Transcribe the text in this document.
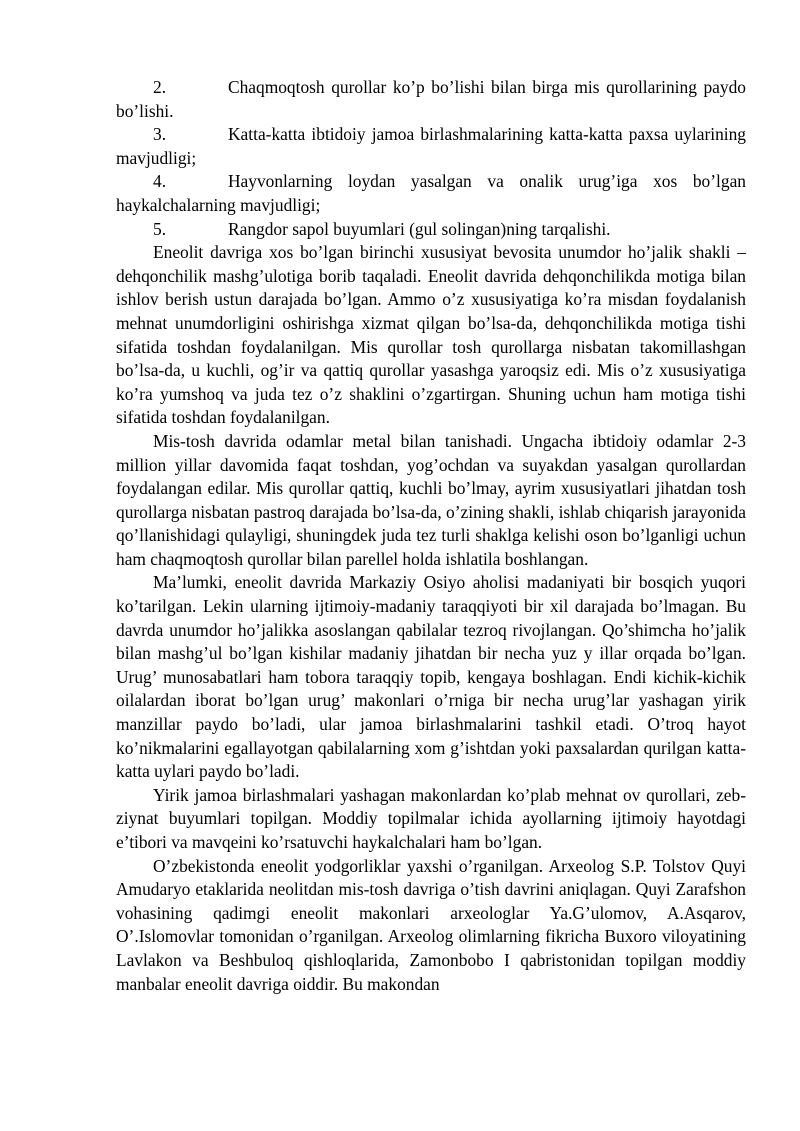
2.	Chaqmoqtosh qurollar ko’p bo’lishi bilan birga mis qurollarining paydo bo’lishi.

3.	Katta-katta ibtidoiy jamoa birlashmalarining katta-katta paxsa uylarining mavjudligi;

4.	Hayvonlarning loydan yasalgan va onalik urug’iga xos bo’lgan haykalchalarning mavjudligi;

5.	Rangdor sapol buyumlari (gul solingan)ning tarqalishi.

Eneolit davriga xos bo’lgan birinchi xususiyat bevosita unumdor ho’jalik shakli – dehqonchilik mashg’ulotiga borib taqaladi. Eneolit davrida dehqonchilikda motiga bilan ishlov berish ustun darajada bo’lgan. Ammo o’z xususiyatiga ko’ra misdan foydalanish mehnat unumdorligini oshirishga xizmat qilgan bo’lsa-da, dehqonchilikda motiga tishi sifatida toshdan foydalanilgan. Mis qurollar tosh qurollarga nisbatan takomillashgan bo’lsa-da, u kuchli, og’ir va qattiq qurollar yasashga yaroqsiz edi. Mis o’z xususiyatiga ko’ra yumshoq va juda tez o’z shaklini o’zgartirgan. Shuning uchun ham motiga tishi sifatida toshdan foydalanilgan.

Mis-tosh davrida odamlar metal bilan tanishadi. Ungacha ibtidoiy odamlar 2-3 million yillar davomida faqat toshdan, yog’ochdan va suyakdan yasalgan qurollardan foydalangan edilar. Mis qurollar qattiq, kuchli bo’lmay, ayrim xususiyatlari jihatdan tosh qurollarga nisbatan pastroq darajada bo’lsa-da, o’zining shakli, ishlab chiqarish jarayonida qo’llanishidagi qulayligi, shuningdek juda tez turli shaklga kelishi oson bo’lganligi uchun ham chaqmoqtosh qurollar bilan parellel holda ishlatila boshlangan.

Ma’lumki, eneolit davrida Markaziy Osiyo aholisi madaniyati bir bosqich yuqori ko’tarilgan. Lekin ularning ijtimoiy-madaniy taraqqiyoti bir xil darajada bo’lmagan. Bu davrda unumdor ho’jalikka asoslangan qabilalar tezroq rivojlangan. Qo’shimcha ho’jalik bilan mashg’ul bo’lgan kishilar madaniy jihatdan bir necha yuz y illar orqada bo’lgan. Urug’ munosabatlari ham tobora taraqqiy topib, kengaya boshlagan. Endi kichik-kichik oilalardan iborat bo’lgan urug’ makonlari o’rniga bir necha urug’lar yashagan yirik manzillar paydo bo’ladi, ular jamoa birlashmalarini tashkil etadi. O’troq hayot ko’nikmalarini egallayotgan qabilalarning xom g’ishtdan yoki paxsalardan qurilgan katta-katta uylari paydo bo’ladi.

Yirik jamoa birlashmalari yashagan makonlardan ko’plab mehnat ov qurollari, zeb-ziynat buyumlari topilgan. Moddiy topilmalar ichida ayollarning ijtimoiy hayotdagi e’tibori va mavqeini ko’rsatuvchi haykalchalari ham bo’lgan.

O’zbekistonda eneolit yodgorliklar yaxshi o’rganilgan. Arxeolog S.P. Tolstov Quyi Amudaryo etaklarida neolitdan mis-tosh davriga o’tish davrini aniqlagan. Quyi Zarafshon vohasining qadimgi eneolit makonlari arxeologlar Ya.G’ulomov, A.Asqarov, O’.Islomovlar tomonidan o’rganilgan. Arxeolog olimlarning fikricha Buxoro viloyatining Lavlakon va Beshbuloq qishloqlarida, Zamonbobo I qabristonidan topilgan moddiy manbalar eneolit davriga oiddir. Bu makondan
